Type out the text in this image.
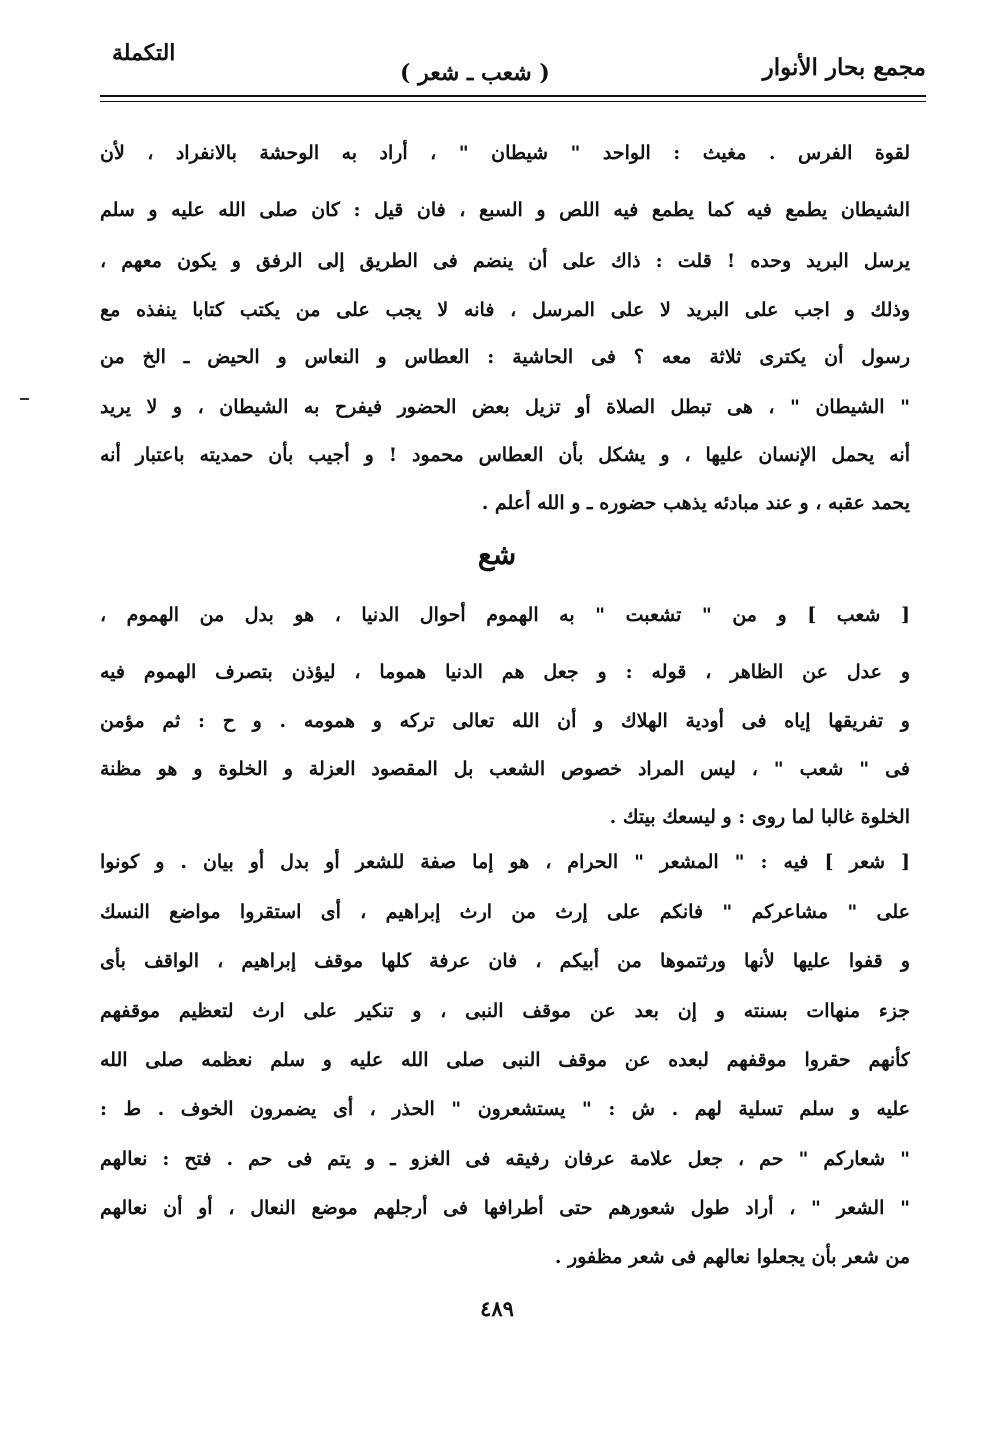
مجمع بحار الأنوار
( شعب ـ شعر )
التكملة
لقوة الفرس . مغيث : الواحد " شيطان " ، أراد به الوحشة بالانفراد ، لأن
الشيطان يطمع فيه كما يطمع فيه اللص و السبع ، فان قيل : كان صلى الله عليه و سلم
يرسل البريد وحده ! قلت : ذاك على أن ينضم فى الطريق إلى الرفق و يكون معهم ،
وذلك و اجب على البريد لا على المرسل ، فانه لا يجب على من يكتب كتابا ينفذه مع
رسول أن يكترى ثلاثة معه ؟ فى الحاشية : العطاس و النعاس و الحيض ـ الخ من
" الشيطان " ، هى تبطل الصلاة أو تزيل بعض الحضور فيفرح به الشيطان ، و لا يريد
أنه يحمل الإنسان عليها ، و يشكل بأن العطاس محمود ! و أجيب بأن حمديته باعتبار أنه
يحمد عقبه ، و عند مبادئه يذهب حضوره ـ و الله أعلم .
شع
[ شعب ] و من " تشعبت " به الهموم أحوال الدنيا ، هو بدل من الهموم ،
و عدل عن الظاهر ، قوله : و جعل هم الدنيا هموما ، ليؤذن بتصرف الهموم فيه
و تفريقها إياه فى أودية الهلاك و أن الله تعالى تركه و همومه . و ح : ثم مؤمن
فى " شعب " ، ليس المراد خصوص الشعب بل المقصود العزلة و الخلوة و هو مظنة
الخلوة غالبا لما روى : و ليسعك بيتك .
[ شعر ] فيه : " المشعر " الحرام ، هو إما صفة للشعر أو بدل أو بيان . و كونوا
على " مشاعركم " فانكم على إرث من ارث إبراهيم ، أى استقروا مواضع النسك
و قفوا عليها لأنها ورثتموها من أبيكم ، فان عرفة كلها موقف إبراهيم ، الواقف بأى
جزء منهاات بسنته و إن بعد عن موقف النبى ، و تنكير على ارث لتعظيم موقفهم
كأنهم حقروا موقفهم لبعده عن موقف النبى صلى الله عليه و سلم نعظمه صلى الله
عليه و سلم تسلية لهم . ش : " يستشعرون " الحذر ، أى يضمرون الخوف . ط :
" شعاركم " حم ، جعل علامة عرفان رفيقه فى الغزو ـ و يتم فى حم . فتح : نعالهم
" الشعر " ، أراد طول شعورهم حتى أطرافها فى أرجلهم موضع النعال ، أو أن نعالهم
من شعر بأن يجعلوا نعالهم فى شعر مظفور .
٤٨٩
